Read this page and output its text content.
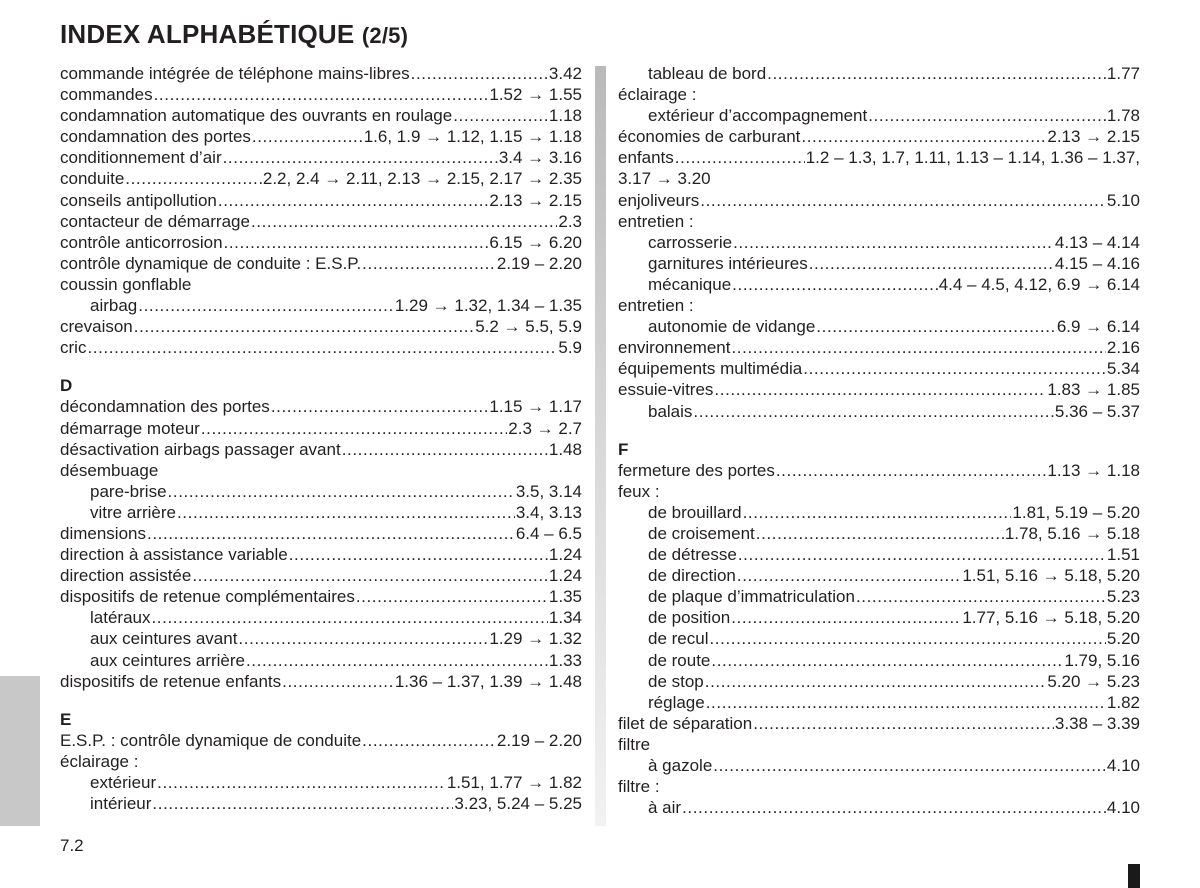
INDEX ALPHABÉTIQUE (2/5)
commande intégrée de téléphone mains-libres .....	3.42
commandes .....	1.52 → 1.55
condamnation automatique des ouvrants en roulage .....	1.18
condamnation des portes .....	1.6, 1.9 → 1.12, 1.15 → 1.18
conditionnement d’air .....	3.4 → 3.16
conduite .....	2.2, 2.4 → 2.11, 2.13 → 2.15, 2.17 → 2.35
conseils antipollution .....	2.13 → 2.15
contacteur de démarrage .....	2.3
contrôle anticorrosion .....	6.15 → 6.20
contrôle dynamique de conduite : E.S.P. .....	2.19 – 2.20
coussin gonflable
airbag .....	1.29 → 1.32, 1.34 – 1.35
crevaison .....	5.2 → 5.5, 5.9
cric .....	5.9
D
décondamnation des portes .....	1.15 → 1.17
démarrage moteur .....	2.3 → 2.7
désactivation airbags passager avant .....	1.48
désembuage
pare-brise .....	3.5, 3.14
vitre arrière .....	3.4, 3.13
dimensions .....	6.4 – 6.5
direction à assistance variable .....	1.24
direction assistée .....	1.24
dispositifs de retenue complémentaires .....	1.35
latéraux .....	1.34
aux ceintures avant .....	1.29 → 1.32
aux ceintures arrière .....	1.33
dispositifs de retenue enfants .....	1.36 – 1.37, 1.39 → 1.48
E
E.S.P. : contrôle dynamique de conduite .....	2.19 – 2.20
éclairage :
extérieur .....	1.51, 1.77 → 1.82
intérieur .....	3.23, 5.24 – 5.25
tableau de bord .....	1.77
éclairage :
extérieur d’accompagnement .....	1.78
économies de carburant .....	2.13 → 2.15
enfants .....	1.2 – 1.3, 1.7, 1.11, 1.13 – 1.14, 1.36 – 1.37,
3.17 → 3.20
enjoliveurs .....	5.10
entretien :
carrosserie .....	4.13 – 4.14
garnitures intérieures .....	4.15 – 4.16
mécanique .....	4.4 – 4.5, 4.12, 6.9 → 6.14
entretien :
autonomie de vidange .....	6.9 → 6.14
environnement .....	2.16
équipements multimédia .....	5.34
essuie-vitres .....	1.83 → 1.85
balais .....	5.36 – 5.37
F
fermeture des portes .....	1.13 → 1.18
feux :
de brouillard .....	1.81, 5.19 – 5.20
de croisement .....	1.78, 5.16 → 5.18
de détresse .....	1.51
de direction .....	1.51, 5.16 → 5.18, 5.20
de plaque d’immatriculation .....	5.23
de position .....	1.77, 5.16 → 5.18, 5.20
de recul .....	5.20
de route .....	1.79, 5.16
de stop .....	5.20 → 5.23
réglage .....	1.82
filet de séparation .....	3.38 – 3.39
filtre
à gazole .....	4.10
filtre :
à air .....	4.10
7.2
